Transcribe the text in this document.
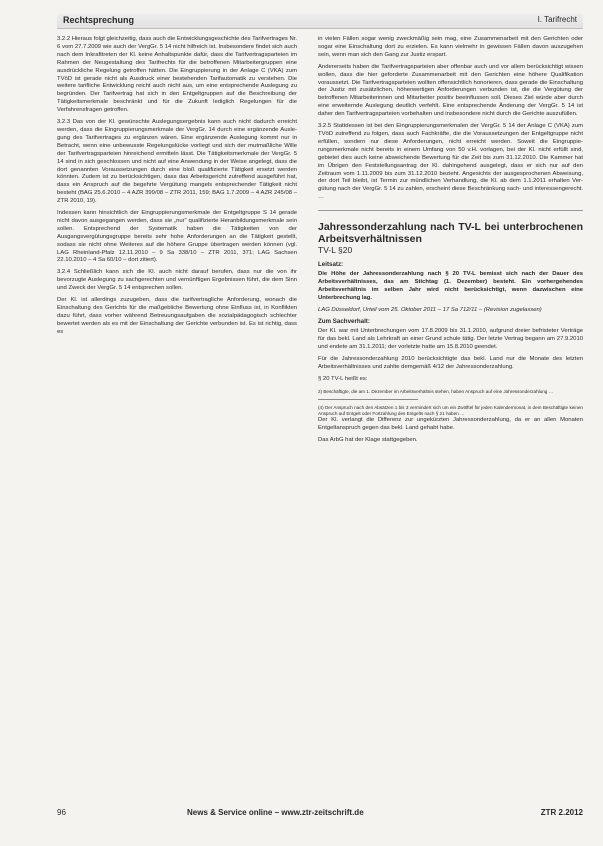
Rechtsprechung	I. Tarifrecht

3.2.2 Hieraus folgt gleichzeitig, dass auch die Entwicklungsgeschichte des Tarifvertrages Nr. 6 vom 27.7.2009 wie auch der VergGr. 5 14 nicht hilfreich ist. Insbesondere findet sich auch nach dem Inkrafttreten der Kl. keine Anhaltspunkte dafür, dass die Tarifvertragsparteien im Rahmen der Neugestaltung des Tarifrechts für die betroffenen Mitarbeitergruppen eine ausdrückliche Regelung getroffen hätten. Die Eingruppierung in der Anlage C (VKA) zum TVöD ist gerade nicht als Ausdruck einer bestehenden Tarifautomatik zu verstehen. Die weitere tarifliche Entwicklung reicht auch nicht aus, um eine entsprechende Auslegung zu begründen. Der Tarifvertrag hat sich in den Entgeltgruppen auf die Beschreibung der Tätigkeitsmerkmale beschränkt und für die Zukunft lediglich Regelungen für die Verfahrensfragen getroffen.

3.2.3 Das von der Kl. gewünschte Auslegungsergebnis kann auch nicht dadurch erreicht werden, dass die Eingruppierungsmerkmale der VergGr. 14 durch eine ergänzende Auslegung des Tarifvertrages zu ergänzen wären. Eine ergänzende Auslegung kommt nur in Betracht, wenn eine unbewusste Regelungslücke vorliegt und sich der mutmaßliche Wille der Tarifvertragsparteien hinreichend ermitteln lässt. Die Tätigkeitsmerkmale der VergGr. 5 14 sind in sich geschlossen und nicht auf eine Anwendung in der Weise angelegt, dass die dort genannten Voraussetzungen durch eine bloß qualifizierte Tätigkeit ersetzt werden könnten. Zudem ist zu berücksichtigen, dass das Arbeitsgericht zutreffend ausgeführt hat, dass ein Anspruch auf die begehrte Vergütung mangels entsprechender Tätigkeit nicht besteht (BAG 25.6.2010 – 4 AZR 399/08 – ZTR 2011, 159; BAG 1.7.2009 – 4 AZR 245/08 – ZTR 2010, 19).

Indessen kann hinsichtlich der Eingruppierungsmerkmale der Entgeltgruppe S 14 gerade nicht davon ausgegangen werden, dass sie „nur“ qualifizierte Heranbildungsmerkmale sein sollen. Entsprechend der Systematik haben die Tätigkeiten von der Ausgangsvergütungsgruppe bereits sehr hohe Anforderungen an die Tätigkeit gestellt, sodass sie nicht ohne Weiteres auf die höhere Gruppe übertragen werden können (vgl. LAG Rheinland-Pfalz 12.11.2010 – 9 Sa 338/10 – ZTR 2011, 371; LAG Sachsen 22.10.2010 – 4 Sa 60/10 – dort zitiert).

3.2.4 Schließlich kann sich die Kl. auch nicht darauf berufen, dass nur die von ihr bevorzugte Auslegung zu sachgerechten und vernünftigen Ergebnissen führt, die dem Sinn und Zweck der VergGr. 5 14 entsprechen sollen.

Der Kl. ist allerdings zuzugeben, dass die tarifvertragliche Anforderung, wonach die Einschaltung des Gerichts für die maßgebliche Bewertung ohne Einfluss ist, in Konflikten dazu führt, dass vorher während Betreuungsaufgaben die sozialpädagogisch schlechter bewertet werden als es mit der Einschaltung der Gerichte verbunden ist. Es ist richtig, dass es

in vielen Fällen sogar wenig zweckmäßig sein mag, eine Zusammenarbeit mit den Gerichten oder sogar eine Einschaltung dort zu erzielen. Es kann vielmehr in gewissen Fällen davon auszugehen sein, wenn man sich den Gang zur Justiz erspart.

Andererseits haben die Tarifvertragsparteien aber offenbar auch und vor allem berücksichtigt wissen wollen, dass die hier geforderte Zusammenarbeit mit den Gerichten eine höhere Qualifikation voraussetzt. Die Tarifvertragsparteien wollten offensichtlich honorieren, dass gerade die Einschaltung der Justiz mit zusätzlichen, höherwertigen Anforderungen verbunden ist, die die Vergütung der betroffenen Mitarbeiterinnen und Mitarbeiter positiv beeinflussen soll. Dieses Ziel würde aber durch eine erweiternde Auslegung deutlich verfehlt. Eine entsprechende Änderung der VergGr. 5 14 ist daher den Tarifvertragsparteien vorbehalten und insbesondere nicht durch die Gerichte auszufüllen.

3.2.5 Stattdessen ist bei den Eingruppierungsmerkmalen der VergGr. 5 14 der Anlage C (VKA) zum TVöD zutreffend zu folgen, dass auch Fachkräfte, die die Voraussetzungen der Entgeltgruppe nicht erfüllen, sondern nur diese Anforderungen, nicht erreicht werden. Soweit die Eingruppierungsmerkmale nicht bereits in einem Umfang von 50 v.H. vorlagen, bei der Kl. nicht erfüllt sind, gebietet dies auch keine abweichende Bewertung für die Zeit bis zum 31.12.2010. Die Kammer hat im Übrigen den Feststellungsantrag der Kl. dahingehend ausgelegt, dass er sich nur auf den Zeitraum vom 1.11.2009 bis zum 31.12.2010 bezieht. Angesichts der ausgesprochenen Abweisung, der dort Teil bleibt, ist Termin zur mündlichen Verhandlung, die Kl. ab dem 1.1.2011 erhalten Vergütung nach der VergGr. 5 14 zu zahlen, erscheint diese Beschränkung sach- und interessengerecht. …

Jahressonderzahlung nach TV-L bei unterbrochenen Arbeitsverhältnissen
TV-L §20
Leitsatz:

Die Höhe der Jahressonderzahlung nach § 20 TV-L bemisst sich nach der Dauer des Arbeitsverhältnisses, das am Stichtag (1. Dezember) besteht. Ein vorhergehendes Arbeitsverhältnis im selben Jahr wird nicht berücksichtigt, wenn dazwischen eine Unterbrechung lag.

LAG Düsseldorf, Urteil vom 25. Oktober 2011 – 17 Sa 712/11 – (Revision zugelassen)

Zum Sachverhalt:

Der Kl. war mit Unterbrechungen vom 17.8.2009 bis 31.1.2010, aufgrund dreier befristeter Verträge für das bekl. Land als Lehrkraft an einer Grund schule tätig. Der letzte Vertrag begann am 27.9.2010 und endete am 31.1.2011; der vorletzte hatte am 15.8.2010 geendet.

Für die Jahressonderzahlung 2010 berücksichtigte das bekl. Land nur die Monate des letzten Arbeitsverhältnisses und zahlte demgemäß 4/12 der Jahressonderzahlung.

§ 20 TV-L heißt es:

2) Beschäftigte, die am 1. Dezember im Arbeitsverhältnis stehen, haben Anspruch auf eine Jahressonderzahlung …
(4) Der Anspruch nach den Absätzen 1 bis 3 vermindert sich um ein Zwölftel für jeden Kalendermonat, in dem Beschäftigte keinen Anspruch auf Entgelt oder Fortzahlung des Entgelts nach § 21 haben …

Der Kl. verlangt die Differenz zur ungekürzten Jahressonderzahlung, da er an allen Monaten Entgeltanspruch gegen das bekl. Land gehabt habe.

Das ArbG hat der Klage stattgegeben.

96	News & Service online – www.ztr-zeitschrift.de	ZTR 2.2012
